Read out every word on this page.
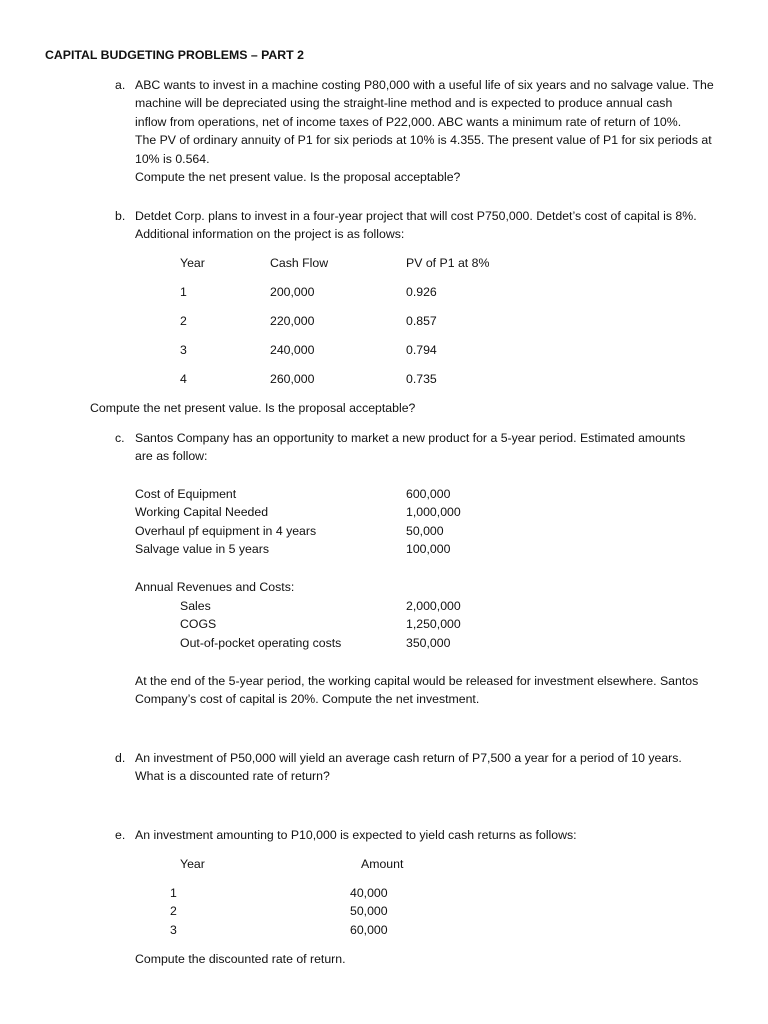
CAPITAL BUDGETING PROBLEMS – PART 2
a. ABC wants to invest in a machine costing P80,000 with a useful life of six years and no salvage value. The
machine will be depreciated using the straight-line method and is expected to produce annual cash
inflow from operations, net of income taxes of P22,000. ABC wants a minimum rate of return of 10%.
The PV of ordinary annuity of P1 for six periods at 10% is 4.355. The present value of P1 for six periods at
10% is 0.564.
Compute the net present value. Is the proposal acceptable?
b. Detdet Corp. plans to invest in a four-year project that will cost P750,000. Detdet’s cost of capital is 8%.
Additional information on the project is as follows:
Year	Cash Flow	PV of P1 at 8%
1	200,000	0.926
2	220,000	0.857
3	240,000	0.794
4	260,000	0.735
Compute the net present value. Is the proposal acceptable?
c. Santos Company has an opportunity to market a new product for a 5-year period. Estimated amounts
are as follow:
Cost of Equipment	600,000
Working Capital Needed	1,000,000
Overhaul pf equipment in 4 years	50,000
Salvage value in 5 years	100,000
Annual Revenues and Costs:
Sales	2,000,000
COGS	1,250,000
Out-of-pocket operating costs	350,000
At the end of the 5-year period, the working capital would be released for investment elsewhere. Santos
Company’s cost of capital is 20%. Compute the net investment.
d. An investment of P50,000 will yield an average cash return of P7,500 a year for a period of 10 years.
What is a discounted rate of return?
e. An investment amounting to P10,000 is expected to yield cash returns as follows:
Year	Amount
1	40,000
2	50,000
3	60,000
Compute the discounted rate of return.
